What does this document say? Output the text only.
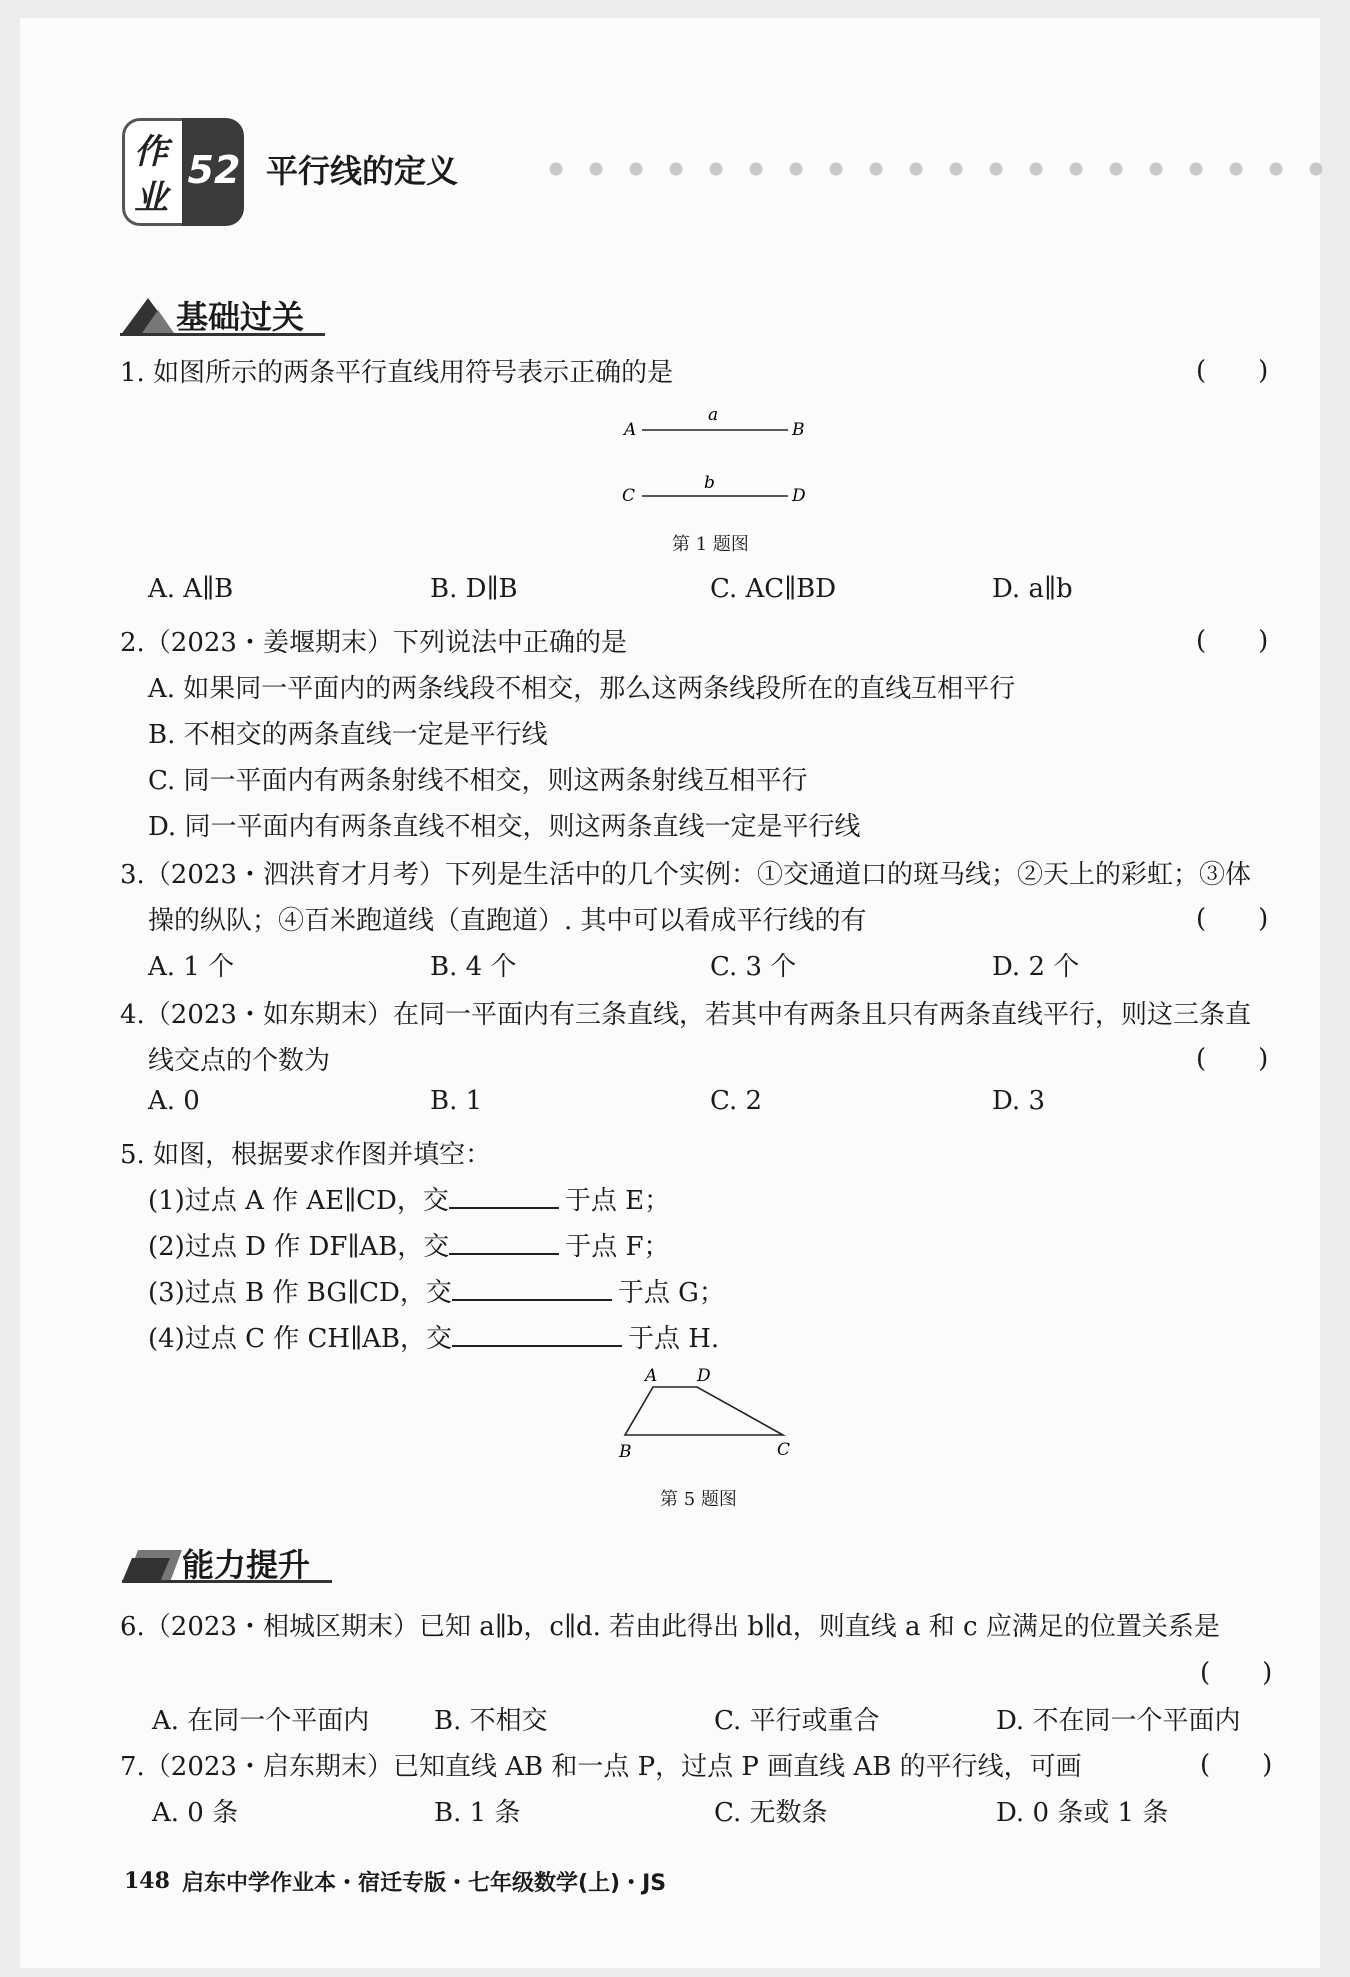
作
业
52 平行线的定义
基础过关
1. 如图所示的两条平行直线用符号表示正确的是	(　　)
A	B
a
C	D
b
第 1 题图
A. A∥B	B. D∥B	C. AC∥BD	D. a∥b
2.（2023・姜堰期末）下列说法中正确的是	(　　)
A. 如果同一平面内的两条线段不相交，那么这两条线段所在的直线互相平行
B. 不相交的两条直线一定是平行线
C. 同一平面内有两条射线不相交，则这两条射线互相平行
D. 同一平面内有两条直线不相交，则这两条直线一定是平行线
3.（2023・泗洪育才月考）下列是生活中的几个实例：①交通道口的斑马线；②天上的彩虹；③体
操的纵队；④百米跑道线（直跑道）. 其中可以看成平行线的有	(　　)
A. 1 个	B. 4 个	C. 3 个	D. 2 个
4.（2023・如东期末）在同一平面内有三条直线，若其中有两条且只有两条直线平行，则这三条直
线交点的个数为	(　　)
A. 0	B. 1	C. 2	D. 3
5. 如图，根据要求作图并填空：
(1)过点 A 作 AE∥CD，交	于点 E；
(2)过点 D 作 DF∥AB，交	于点 F；
(3)过点 B 作 BG∥CD，交	于点 G；
(4)过点 C 作 CH∥AB，交	于点 H.
A D
B	C
第 5 题图
能力提升
6.（2023・相城区期末）已知 a∥b，c∥d. 若由此得出 b∥d，则直线 a 和 c 应满足的位置关系是
(　　)
A. 在同一个平面内 B. 不相交	C. 平行或重合	D. 不在同一个平面内
7.（2023・启东期末）已知直线 AB 和一点 P，过点 P 画直线 AB 的平行线，可画	(　　)
A. 0 条	B. 1 条	C. 无数条	D. 0 条或 1 条
148 启东中学作业本・宿迁专版・七年级数学(上)・JS
